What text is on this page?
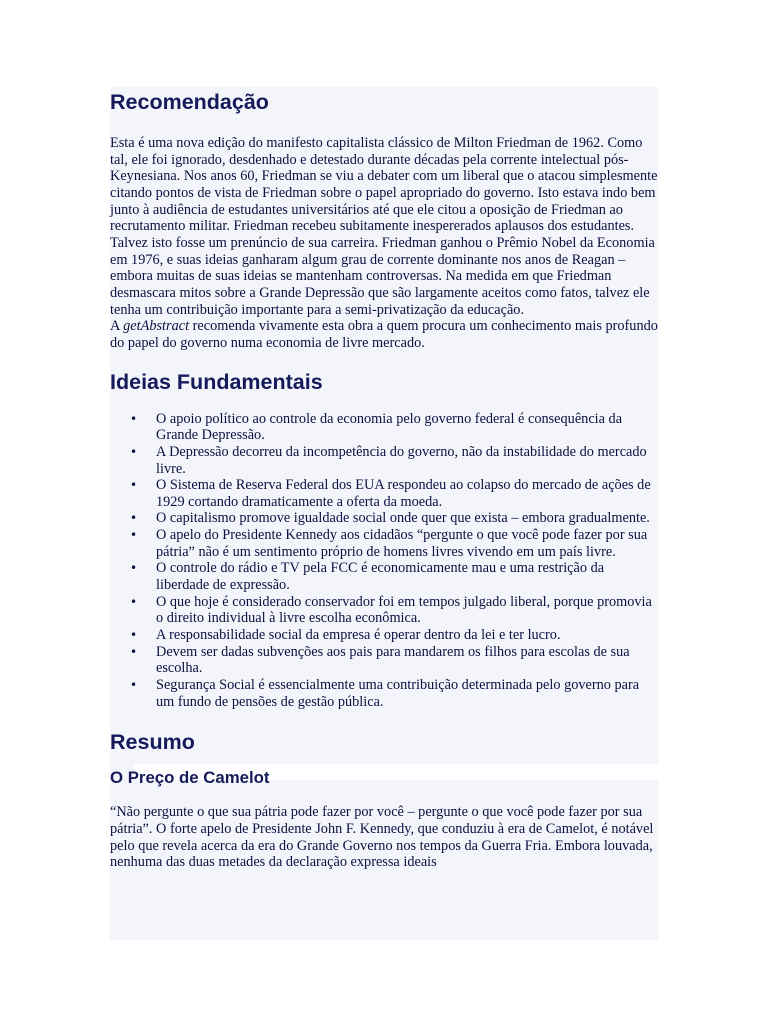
Recomendação

Esta é uma nova edição do manifesto capitalista clássico de Milton Friedman de 1962. Como tal, ele foi ignorado, desdenhado e detestado durante décadas pela corrente intelectual pós-Keynesiana. Nos anos 60, Friedman se viu a debater com um liberal que o atacou simplesmente citando pontos de vista de Friedman sobre o papel apropriado do governo. Isto estava indo bem junto à audiência de estudantes universitários até que ele citou a oposição de Friedman ao recrutamento militar. Friedman recebeu subitamente inespererados aplausos dos estudantes. Talvez isto fosse um prenúncio de sua carreira. Friedman ganhou o Prêmio Nobel da Economia em 1976, e suas ideias ganharam algum grau de corrente dominante nos anos de Reagan – embora muitas de suas ideias se mantenham controversas. Na medida em que Friedman desmascara mitos sobre a Grande Depressão que são largamente aceitos como fatos, talvez ele tenha um contribuição importante para a semi-privatização da educação.

A getAbstract recomenda vivamente esta obra a quem procura um conhecimento mais profundo do papel do governo numa economia de livre mercado.

Ideias Fundamentais
• O apoio político ao controle da economia pelo governo federal é consequência da Grande Depressão.
• A Depressão decorreu da incompetência do governo, não da instabilidade do mercado livre.
• O Sistema de Reserva Federal dos EUA respondeu ao colapso do mercado de ações de 1929 cortando dramaticamente a oferta da moeda.
• O capitalismo promove igualdade social onde quer que exista – embora gradualmente.
• O apelo do Presidente Kennedy aos cidadãos “pergunte o que você pode fazer por sua pátria” não é um sentimento próprio de homens livres vivendo em um país livre.
• O controle do rádio e TV pela FCC é economicamente mau e uma restrição da liberdade de expressão.
• O que hoje é considerado conservador foi em tempos julgado liberal, porque promovia o direito individual à livre escolha econômica.
• A responsabilidade social da empresa é operar dentro da lei e ter lucro.
• Devem ser dadas subvenções aos pais para mandarem os filhos para escolas de sua escolha.
• Segurança Social é essencialmente uma contribuição determinada pelo governo para um fundo de pensões de gestão pública.
Resumo
O Preço de Camelot

“Não pergunte o que sua pátria pode fazer por você – pergunte o que você pode fazer por sua pátria”. O forte apelo de Presidente John F. Kennedy, que conduziu à era de Camelot, é notável pelo que revela acerca da era do Grande Governo nos tempos da Guerra Fria. Embora louvada, nenhuma das duas metades da declaração expressa ideais
